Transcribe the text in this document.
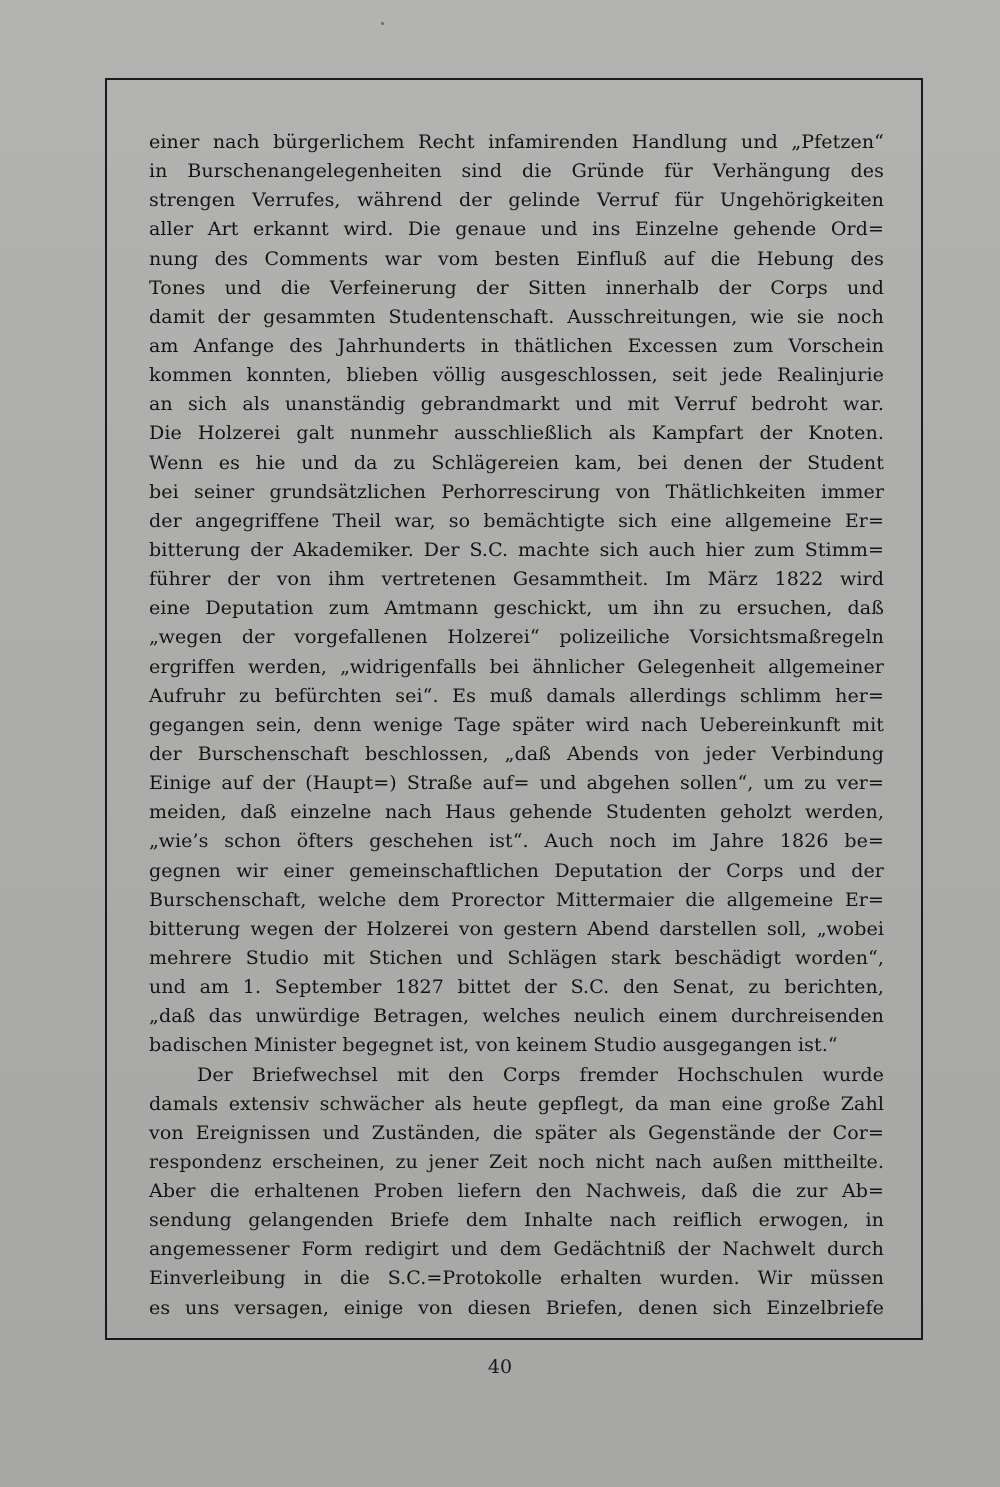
einer nach bürgerlichem Recht infamirenden Handlung und „Pfetzen“
in Burschenangelegenheiten sind die Gründe für Verhängung des
strengen Verrufes, während der gelinde Verruf für Ungehörigkeiten
aller Art erkannt wird. Die genaue und ins Einzelne gehende Ord=
nung des Comments war vom besten Einfluß auf die Hebung des
Tones und die Verfeinerung der Sitten innerhalb der Corps und
damit der gesammten Studentenschaft. Ausschreitungen, wie sie noch
am Anfange des Jahrhunderts in thätlichen Excessen zum Vorschein
kommen konnten, blieben völlig ausgeschlossen, seit jede Realinjurie
an sich als unanständig gebrandmarkt und mit Verruf bedroht war.
Die Holzerei galt nunmehr ausschließlich als Kampfart der Knoten.
Wenn es hie und da zu Schlägereien kam, bei denen der Student
bei seiner grundsätzlichen Perhorrescirung von Thätlichkeiten immer
der angegriffene Theil war, so bemächtigte sich eine allgemeine Er=
bitterung der Akademiker. Der S.C. machte sich auch hier zum Stimm=
führer der von ihm vertretenen Gesammtheit. Im März 1822 wird
eine Deputation zum Amtmann geschickt, um ihn zu ersuchen, daß
„wegen der vorgefallenen Holzerei“ polizeiliche Vorsichtsmaßregeln
ergriffen werden, „widrigenfalls bei ähnlicher Gelegenheit allgemeiner
Aufruhr zu befürchten sei“. Es muß damals allerdings schlimm her=
gegangen sein, denn wenige Tage später wird nach Uebereinkunft mit
der Burschenschaft beschlossen, „daß Abends von jeder Verbindung
Einige auf der (Haupt=) Straße auf= und abgehen sollen“, um zu ver=
meiden, daß einzelne nach Haus gehende Studenten geholzt werden,
„wie’s schon öfters geschehen ist“. Auch noch im Jahre 1826 be=
gegnen wir einer gemeinschaftlichen Deputation der Corps und der
Burschenschaft, welche dem Prorector Mittermaier die allgemeine Er=
bitterung wegen der Holzerei von gestern Abend darstellen soll, „wobei
mehrere Studio mit Stichen und Schlägen stark beschädigt worden“,
und am 1. September 1827 bittet der S.C. den Senat, zu berichten,
„daß das unwürdige Betragen, welches neulich einem durchreisenden
badischen Minister begegnet ist, von keinem Studio ausgegangen ist.“
Der Briefwechsel mit den Corps fremder Hochschulen wurde
damals extensiv schwächer als heute gepflegt, da man eine große Zahl
von Ereignissen und Zuständen, die später als Gegenstände der Cor=
respondenz erscheinen, zu jener Zeit noch nicht nach außen mittheilte.
Aber die erhaltenen Proben liefern den Nachweis, daß die zur Ab=
sendung gelangenden Briefe dem Inhalte nach reiflich erwogen, in
angemessener Form redigirt und dem Gedächtniß der Nachwelt durch
Einverleibung in die S.C.=Protokolle erhalten wurden. Wir müssen
es uns versagen, einige von diesen Briefen, denen sich Einzelbriefe
40
